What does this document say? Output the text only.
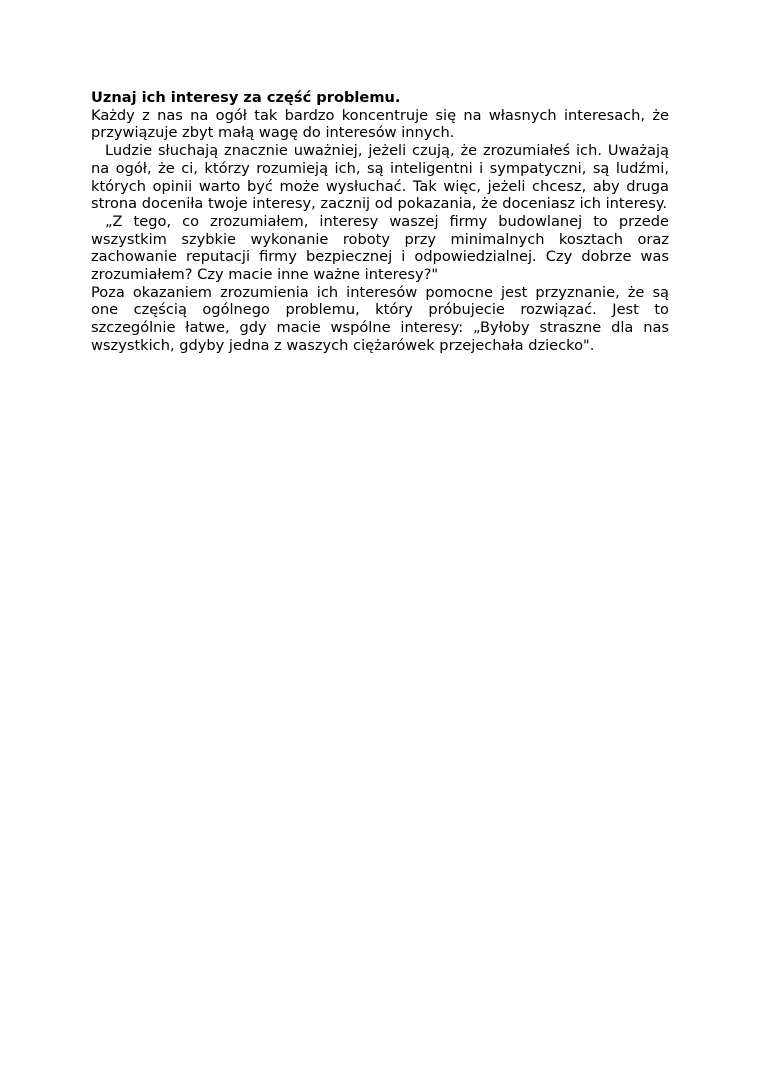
Uznaj ich interesy za część problemu.

Każdy z nas na ogół tak bardzo koncentruje się na własnych interesach, że przywiązuje zbyt małą wagę do interesów innych.

Ludzie słuchają znacznie uważniej, jeżeli czują, że zrozumiałeś ich. Uważają na ogół, że ci, którzy rozumieją ich, są inteligentni i sympatyczni, są ludźmi, których opinii warto być może wysłuchać. Tak więc, jeżeli chcesz, aby druga strona doceniła twoje interesy, zacznij od pokazania, że doceniasz ich interesy.

„Z tego, co zrozumiałem, interesy waszej firmy budowlanej to przede wszystkim szybkie wykonanie roboty przy minimalnych kosztach oraz zachowanie reputacji firmy bezpiecznej i odpowiedzialnej. Czy dobrze was zrozumiałem? Czy macie inne ważne interesy?"

Poza okazaniem zrozumienia ich interesów pomocne jest przyznanie, że są one częścią ogólnego problemu, który próbujecie rozwiązać. Jest to szczególnie łatwe, gdy macie wspólne interesy: „Byłoby straszne dla nas wszystkich, gdyby jedna z waszych ciężarówek przejechała dziecko".
